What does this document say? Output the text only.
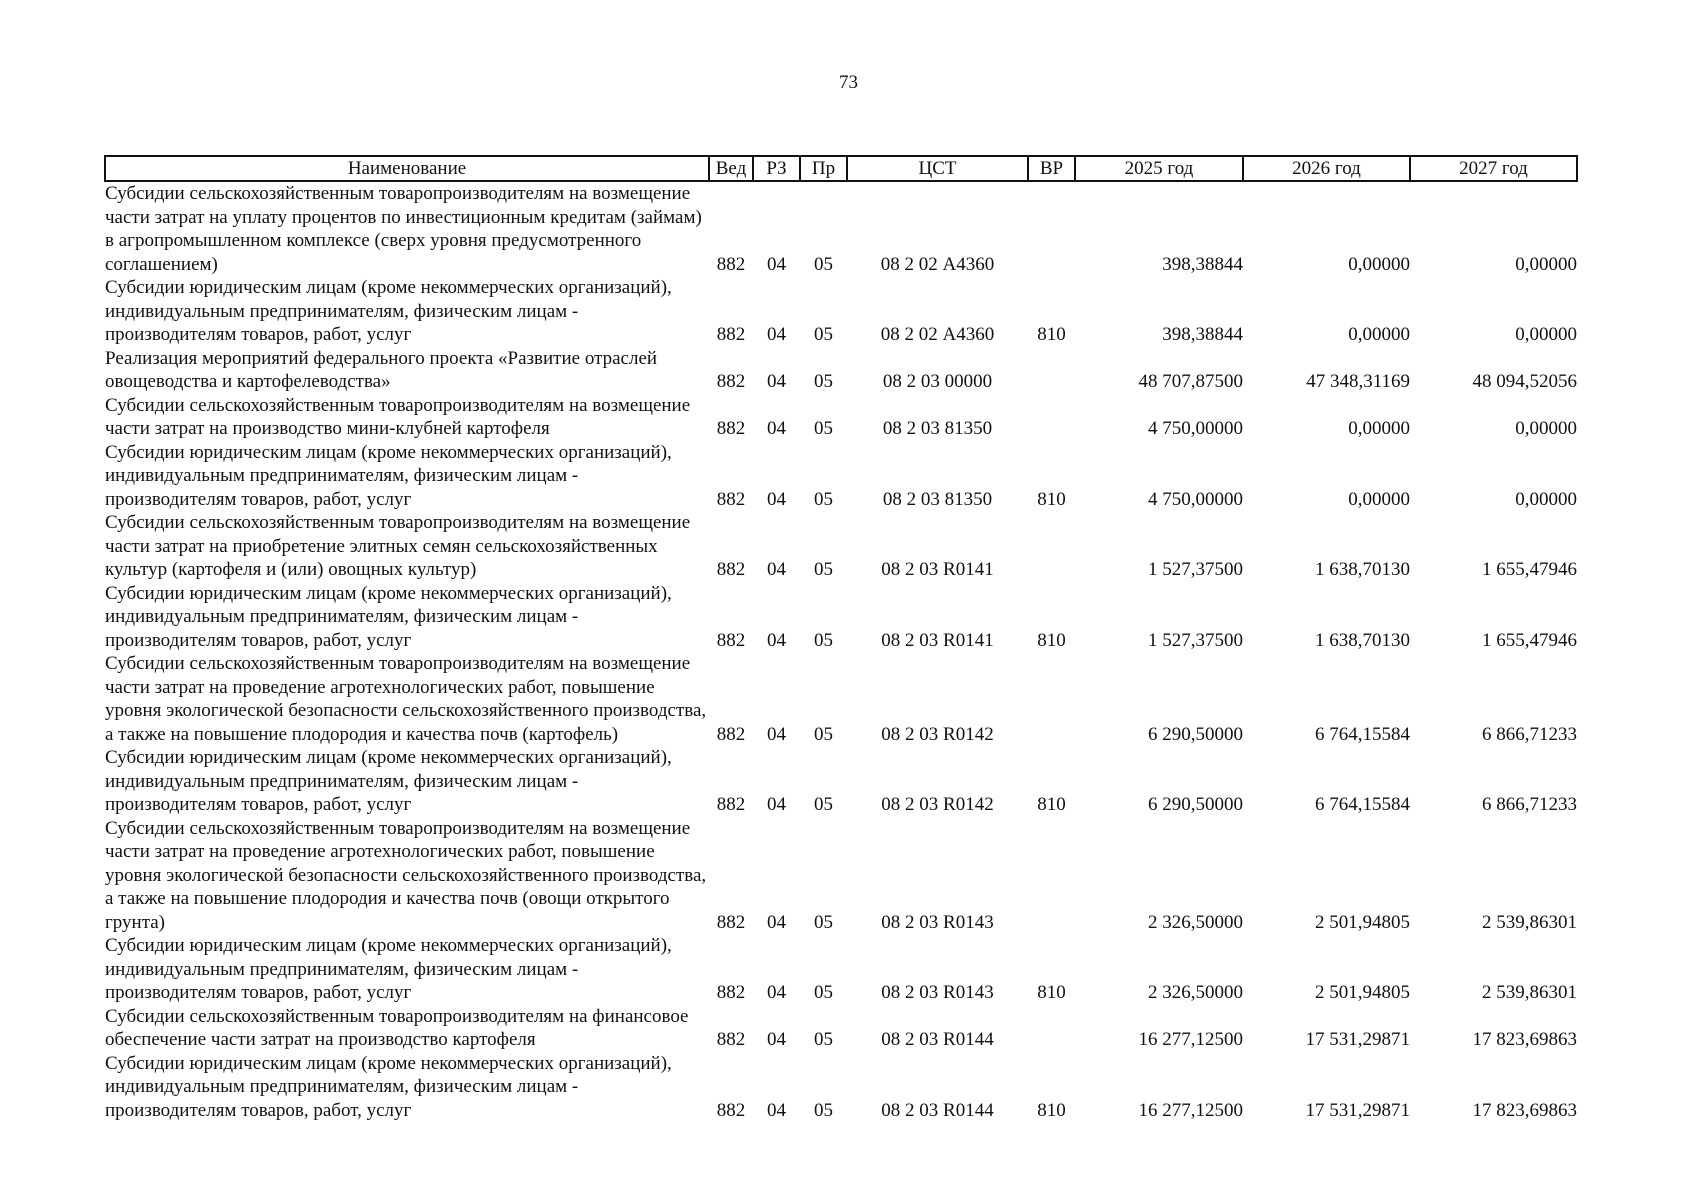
73
Наименование	Вед	РЗ	Пр	ЦСТ	ВР	2025 год	2026 год	2027 год
Субсидии сельскохозяйственным товаропроизводителям на возмещение части затрат на уплату процентов по инвестиционным кредитам (займам) в агропромышленном комплексе (сверх уровня предусмотренного соглашением)	882	04	05	08 2 02 А4360		398,38844	0,00000	0,00000
Субсидии юридическим лицам (кроме некоммерческих организаций), индивидуальным предпринимателям, физическим лицам - производителям товаров, работ, услуг	882	04	05	08 2 02 А4360	810	398,38844	0,00000	0,00000
Реализация мероприятий федерального проекта «Развитие отраслей овощеводства и картофелеводства»	882	04	05	08 2 03 00000		48 707,87500	47 348,31169	48 094,52056
Субсидии сельскохозяйственным товаропроизводителям на возмещение части затрат на производство мини-клубней картофеля	882	04	05	08 2 03 81350		4 750,00000	0,00000	0,00000
Субсидии юридическим лицам (кроме некоммерческих организаций), индивидуальным предпринимателям, физическим лицам - производителям товаров, работ, услуг	882	04	05	08 2 03 81350	810	4 750,00000	0,00000	0,00000
Субсидии сельскохозяйственным товаропроизводителям на возмещение части затрат на приобретение элитных семян сельскохозяйственных культур (картофеля и (или) овощных культур)	882	04	05	08 2 03 R0141		1 527,37500	1 638,70130	1 655,47946
Субсидии юридическим лицам (кроме некоммерческих организаций), индивидуальным предпринимателям, физическим лицам - производителям товаров, работ, услуг	882	04	05	08 2 03 R0141	810	1 527,37500	1 638,70130	1 655,47946
Субсидии сельскохозяйственным товаропроизводителям на возмещение части затрат на проведение агротехнологических работ, повышение уровня экологической безопасности сельскохозяйственного производства, а также на повышение плодородия и качества почв (картофель)	882	04	05	08 2 03 R0142		6 290,50000	6 764,15584	6 866,71233
Субсидии юридическим лицам (кроме некоммерческих организаций), индивидуальным предпринимателям, физическим лицам - производителям товаров, работ, услуг	882	04	05	08 2 03 R0142	810	6 290,50000	6 764,15584	6 866,71233
Субсидии сельскохозяйственным товаропроизводителям на возмещение части затрат на проведение агротехнологических работ, повышение уровня экологической безопасности сельскохозяйственного производства, а также на повышение плодородия и качества почв (овощи открытого грунта)	882	04	05	08 2 03 R0143		2 326,50000	2 501,94805	2 539,86301
Субсидии юридическим лицам (кроме некоммерческих организаций), индивидуальным предпринимателям, физическим лицам - производителям товаров, работ, услуг	882	04	05	08 2 03 R0143	810	2 326,50000	2 501,94805	2 539,86301
Субсидии сельскохозяйственным товаропроизводителям на финансовое обеспечение части затрат на производство картофеля	882	04	05	08 2 03 R0144		16 277,12500	17 531,29871	17 823,69863
Субсидии юридическим лицам (кроме некоммерческих организаций), индивидуальным предпринимателям, физическим лицам - производителям товаров, работ, услуг	882	04	05	08 2 03 R0144	810	16 277,12500	17 531,29871	17 823,69863
